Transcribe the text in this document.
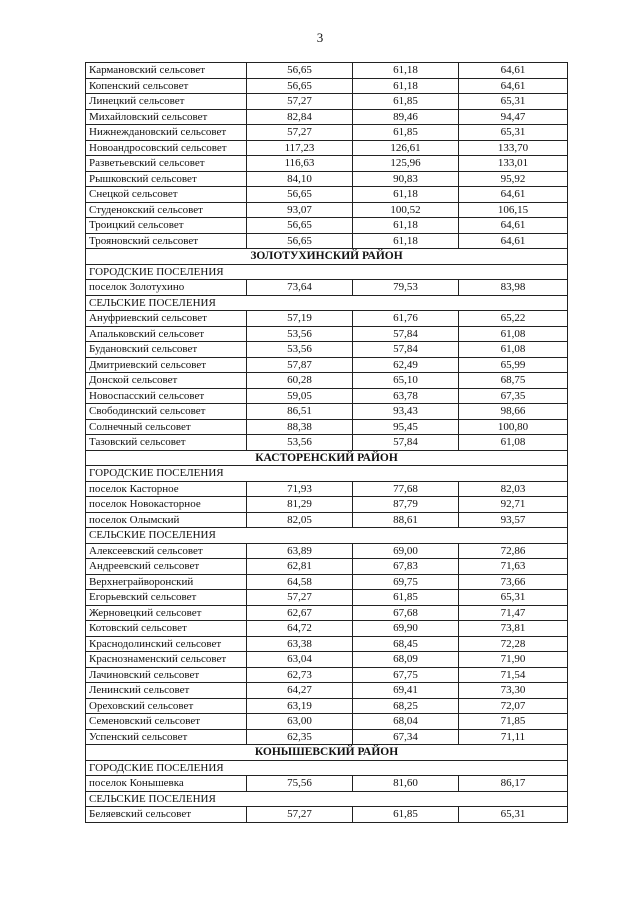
3
Кармановский сельсовет	56,65	61,18	64,61
Копенский сельсовет	56,65	61,18	64,61
Линецкий сельсовет	57,27	61,85	65,31
Михайловский сельсовет	82,84	89,46	94,47
Нижнеждановский сельсовет	57,27	61,85	65,31
Новоандросовский сельсовет	117,23	126,61	133,70
Разветьевский сельсовет	116,63	125,96	133,01
Рышковский сельсовет	84,10	90,83	95,92
Снецкой сельсовет	56,65	61,18	64,61
Студенокский сельсовет	93,07	100,52	106,15
Троицкий сельсовет	56,65	61,18	64,61
Трояновский сельсовет	56,65	61,18	64,61
ЗОЛОТУХИНСКИЙ РАЙОН			
ГОРОДСКИЕ ПОСЕЛЕНИЯ			
поселок Золотухино	73,64	79,53	83,98
СЕЛЬСКИЕ ПОСЕЛЕНИЯ			
Ануфриевский сельсовет	57,19	61,76	65,22
Апальковский сельсовет	53,56	57,84	61,08
Будановский сельсовет	53,56	57,84	61,08
Дмитриевский сельсовет	57,87	62,49	65,99
Донской сельсовет	60,28	65,10	68,75
Новоспасский сельсовет	59,05	63,78	67,35
Свободинский сельсовет	86,51	93,43	98,66
Солнечный сельсовет	88,38	95,45	100,80
Тазовский сельсовет	53,56	57,84	61,08
КАСТОРЕНСКИЙ РАЙОН			
ГОРОДСКИЕ ПОСЕЛЕНИЯ			
поселок Касторное	71,93	77,68	82,03
поселок Новокасторное	81,29	87,79	92,71
поселок Олымский	82,05	88,61	93,57
СЕЛЬСКИЕ ПОСЕЛЕНИЯ			
Алексеевский сельсовет	63,89	69,00	72,86
Андреевский сельсовет	62,81	67,83	71,63
Верхнеграйворонский	64,58	69,75	73,66
Егорьевский сельсовет	57,27	61,85	65,31
Жерновецкий сельсовет	62,67	67,68	71,47
Котовский сельсовет	64,72	69,90	73,81
Краснодолинский сельсовет	63,38	68,45	72,28
Краснознаменский сельсовет	63,04	68,09	71,90
Лачиновский сельсовет	62,73	67,75	71,54
Ленинский сельсовет	64,27	69,41	73,30
Ореховский сельсовет	63,19	68,25	72,07
Семеновский сельсовет	63,00	68,04	71,85
Успенский сельсовет	62,35	67,34	71,11
КОНЫШЕВСКИЙ РАЙОН			
ГОРОДСКИЕ ПОСЕЛЕНИЯ			
поселок Конышевка	75,56	81,60	86,17
СЕЛЬСКИЕ ПОСЕЛЕНИЯ			
Беляевский сельсовет	57,27	61,85	65,31
